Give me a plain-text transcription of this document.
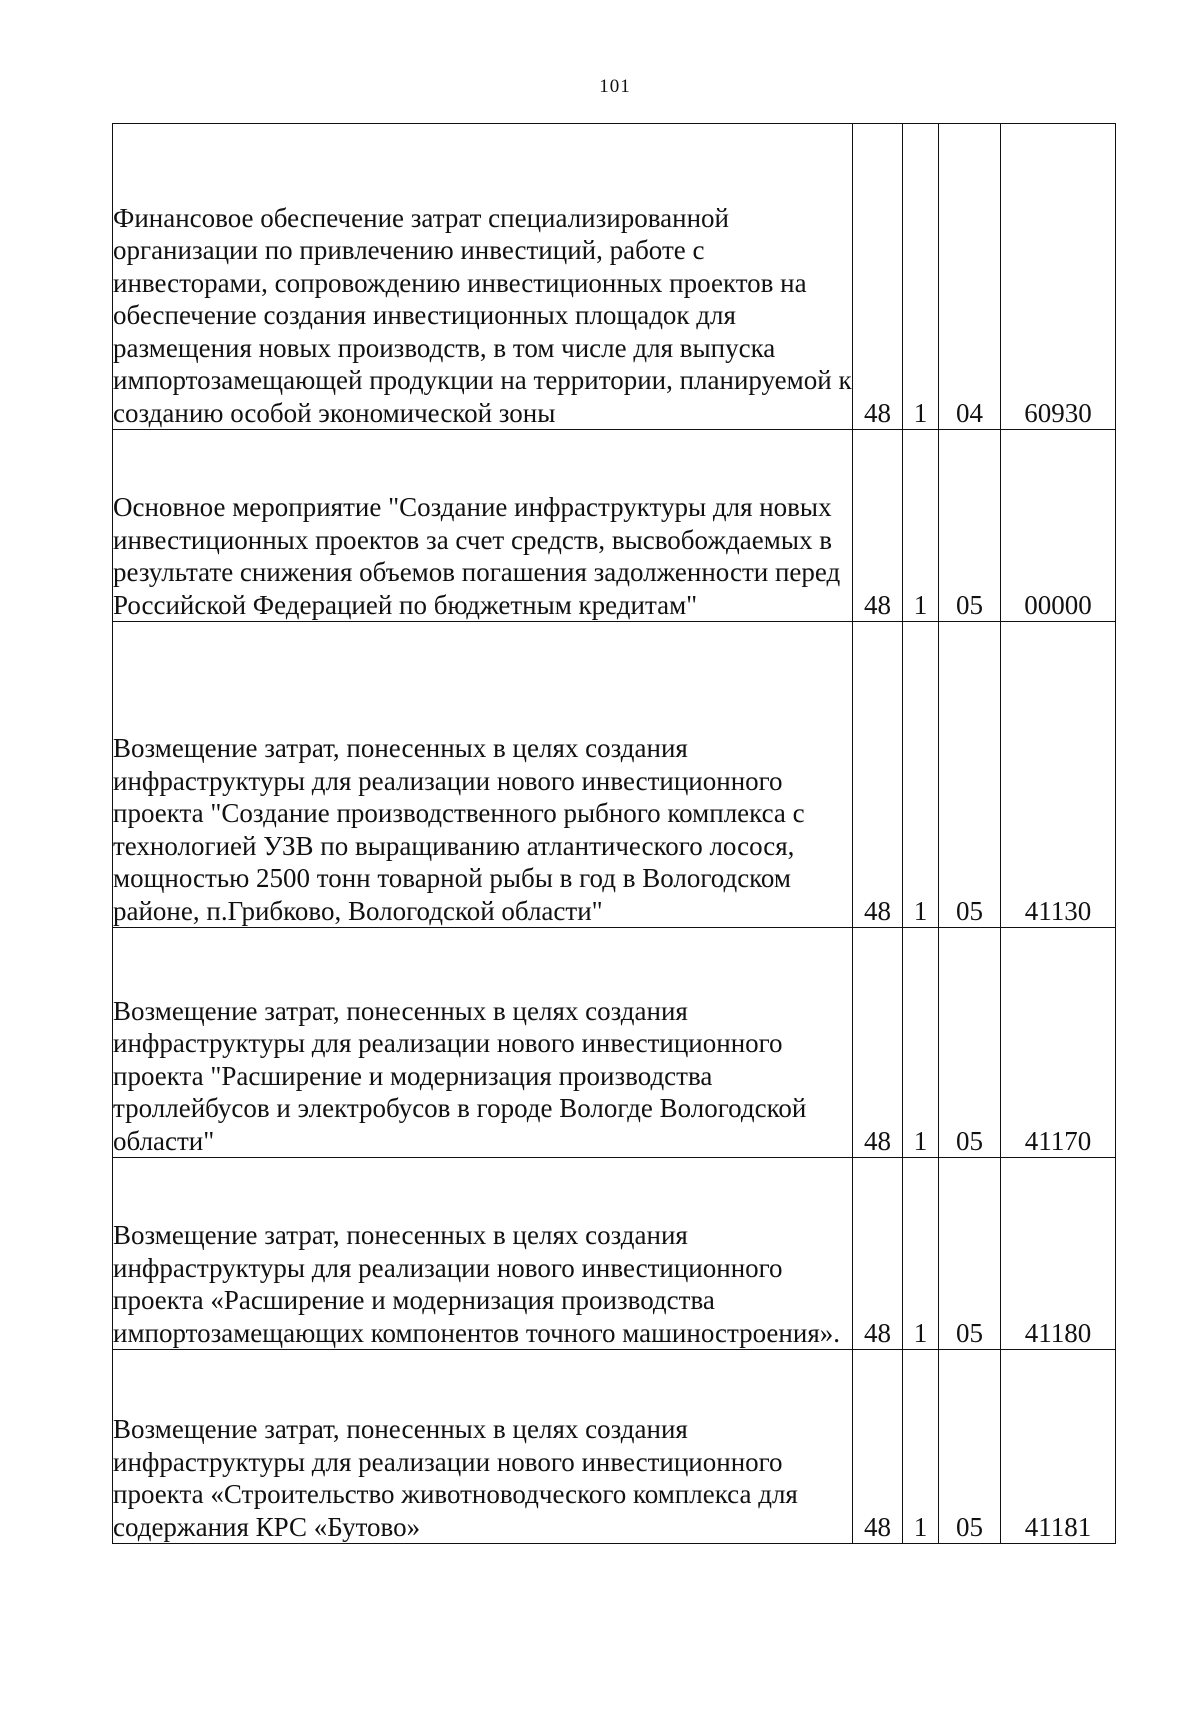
101
Финансовое обеспечение затрат специализированной организации по привлечению инвестиций, работе с инвесторами, сопровождению инвестиционных проектов на обеспечение создания инвестиционных площадок для размещения новых производств, в том числе для выпуска импортозамещающей продукции на территории, планируемой к созданию особой экономической зоны	48	1	04	60930
Основное мероприятие "Создание инфраструктуры для новых инвестиционных проектов за счет средств, высвобождаемых в результате снижения объемов погашения задолженности перед Российской Федерацией по бюджетным кредитам"	48	1	05	00000
Возмещение затрат, понесенных в целях создания инфраструктуры для реализации нового инвестиционного проекта "Создание производственного рыбного комплекса с технологией УЗВ по выращиванию атлантического лосося, мощностью 2500 тонн товарной рыбы в год в Вологодском районе, п.Грибково, Вологодской области"	48	1	05	41130
Возмещение затрат, понесенных в целях создания инфраструктуры для реализации нового инвестиционного проекта "Расширение и модернизация производства троллейбусов и электробусов в городе Вологде Вологодской области"	48	1	05	41170
Возмещение затрат, понесенных в целях создания инфраструктуры для реализации нового инвестиционного проекта «Расширение и модернизация производства импортозамещающих компонентов точного машиностроения».	48	1	05	41180
Возмещение затрат, понесенных в целях создания инфраструктуры для реализации нового инвестиционного проекта «Строительство животноводческого комплекса для содержания КРС «Бутово»	48	1	05	41181
